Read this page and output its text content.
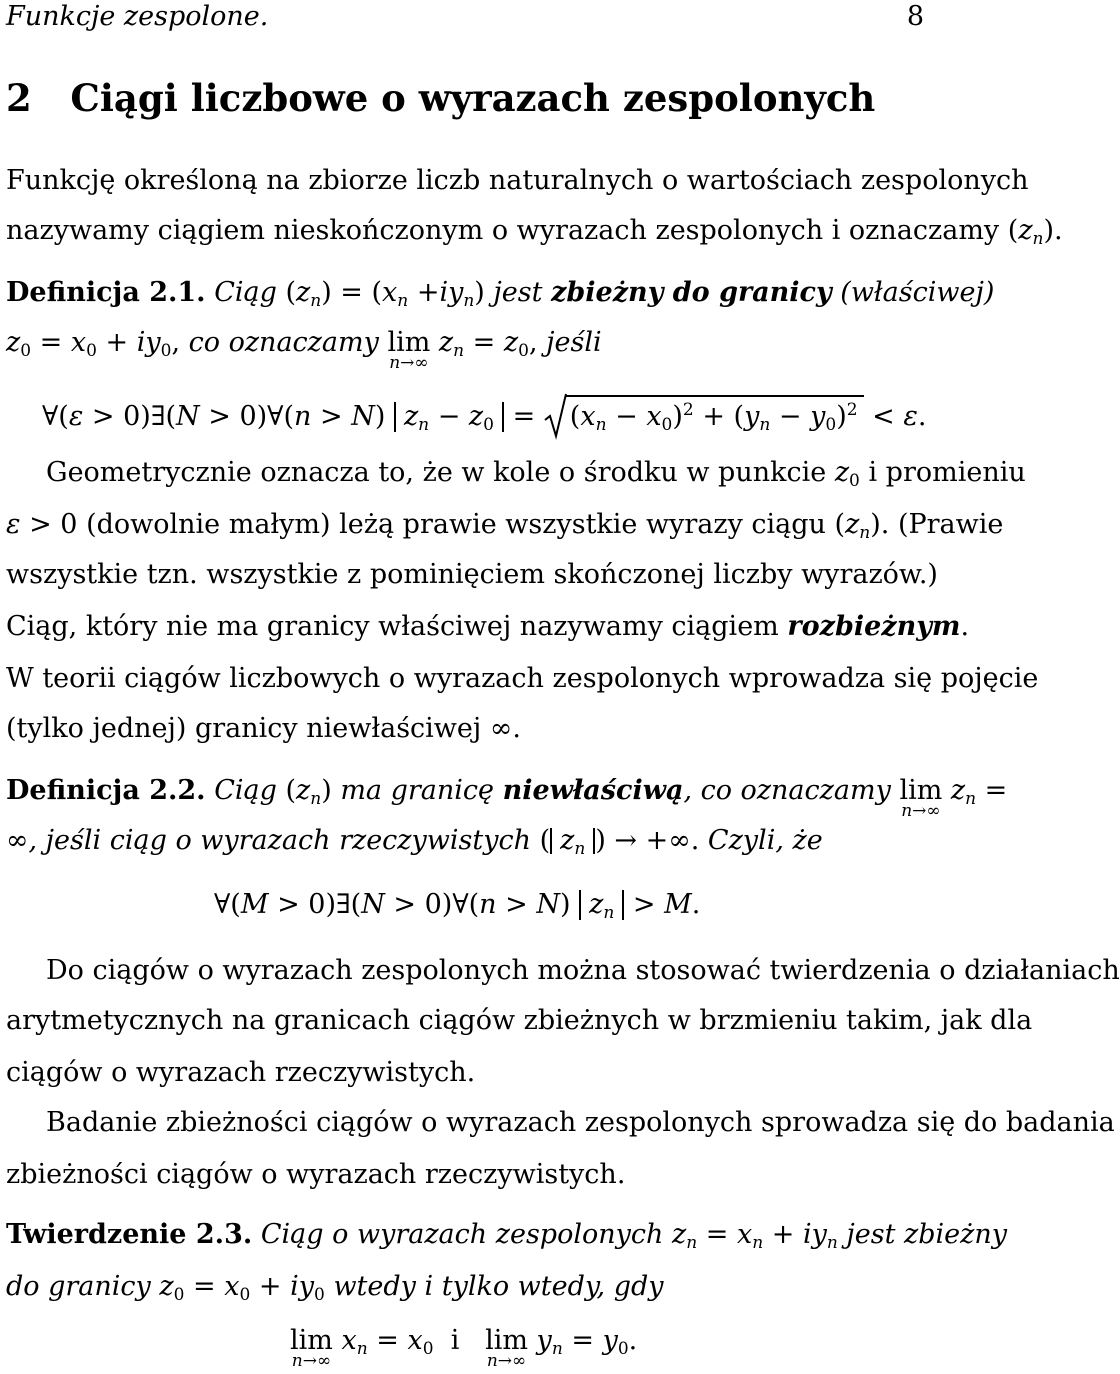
Funkcje zespolone.	8
2 Ciągi liczbowe o wyrazach zespolonych
Funkcję określoną na zbiorze liczb naturalnych o wartościach zespolonych
nazywamy ciągiem nieskończonym o wyrazach zespolonych i oznaczamy $(z_n)$.
Definicja 2.1. Ciąg $(z_n) = (x_n +iy_n)$ jest zbieżny do granicy (właściwej)
$z_0 = x_0 + iy_0$, co oznaczamy lim
n→∞
$z_n = z_0$, jeśli
∀(ε > 0)∃(N > 0)∀(n > N) $z_n - z_0$ =
$(x_n - x_0)^2 + (y_n - y_0)^2 < \varepsilon$.
Geometrycznie oznacza to, że w kole o środku w punkcie $z_0$ i promieniu
ε > 0 (dowolnie małym) leżą prawie wszystkie wyrazy ciągu $(z_n)$. (Prawie
wszystkie tzn. wszystkie z pominięciem skończonej liczby wyrazów.)
Ciąg, który nie ma granicy właściwej nazywamy ciągiem rozbieżnym.
W teorii ciągów liczbowych o wyrazach zespolonych wprowadza się pojęcie
(tylko jednej) granicy niewłaściwej ∞.
Definicja 2.2. Ciąg $(z_n)$ ma granicę niewłaściwą, co oznaczamy lim
n→∞
$z_n$ =
∞, jeśli ciąg o wyrazach rzeczywistych ( $z_n$ ) → +∞. Czyli, że
∀(M > 0)∃(N > 0)∀(n > N) $z_n > M$.
Do ciągów o wyrazach zespolonych można stosować twierdzenia o działaniach
arytmetycznych na granicach ciągów zbieżnych w brzmieniu takim, jak dla
ciągów o wyrazach rzeczywistych.
Badanie zbieżności ciągów o wyrazach zespolonych sprowadza się do badania
zbieżności ciągów o wyrazach rzeczywistych.
Twierdzenie 2.3. Ciąg o wyrazach zespolonych $z_n = x_n + iy_n$ jest zbieżny
do granicy $z_0 = x_0 + iy_0$ wtedy i tylko wtedy, gdy
lim
n→∞
$x_n = x_0$ i lim
n→∞
$y_n = y_0$.
